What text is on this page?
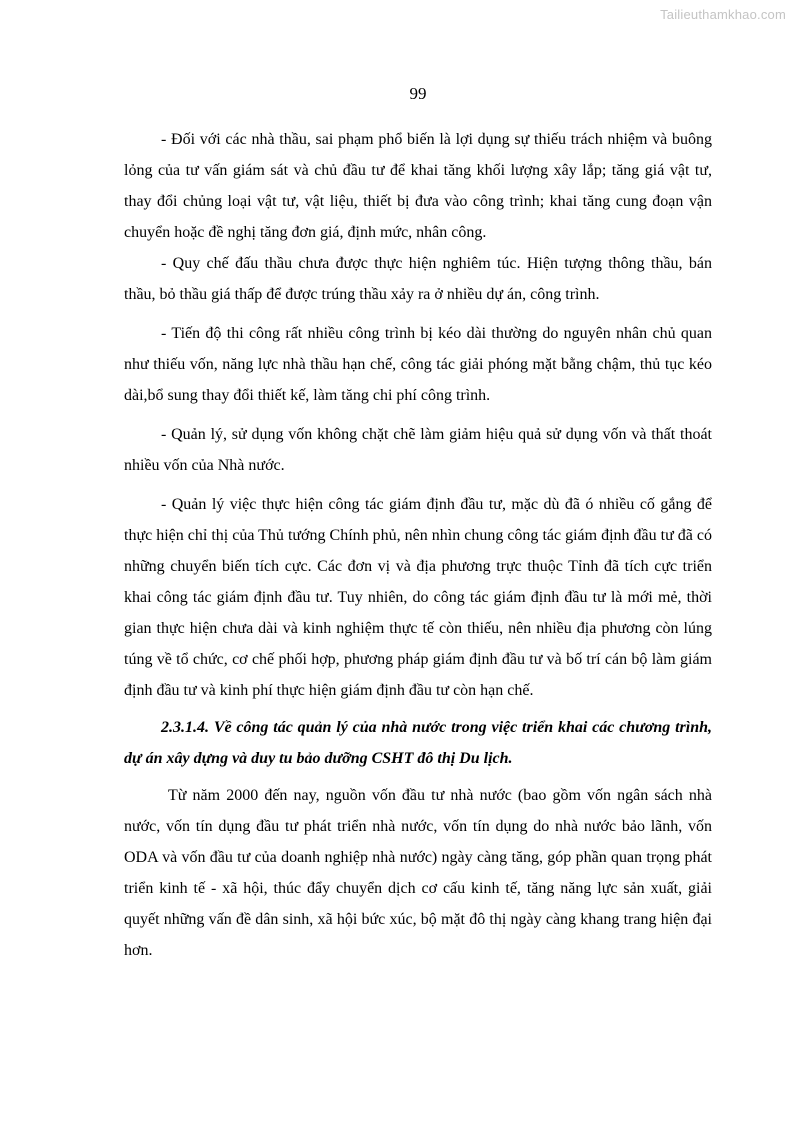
Tailieuthamkhao.com
99

- Đối với các nhà thầu, sai phạm phổ biến là lợi dụng sự thiếu trách nhiệm và buông lỏng của tư vấn giám sát và chủ đầu tư để khai tăng khối lượng xây lắp; tăng giá vật tư, thay đổi chủng loại vật tư, vật liệu, thiết bị đưa vào công trình; khai tăng cung đoạn vận chuyển hoặc đề nghị tăng đơn giá, định mức, nhân công.

- Quy chế đấu thầu chưa được thực hiện nghiêm túc. Hiện tượng thông thầu, bán thầu, bỏ thầu giá thấp để được trúng thầu xảy ra ở nhiều dự án, công trình.

- Tiến độ thi công rất nhiều công trình bị kéo dài thường do nguyên nhân chủ quan như thiếu vốn, năng lực nhà thầu hạn chế, công tác giải phóng mặt bằng chậm, thủ tục kéo dài,bổ sung thay đổi thiết kế, làm tăng chi phí công trình.

- Quản lý, sử dụng vốn không chặt chẽ làm giảm hiệu quả sử dụng vốn và thất thoát nhiều vốn của Nhà nước.

- Quản lý việc thực hiện công tác giám định đầu tư, mặc dù đã ó nhiều cố gắng để thực hiện chỉ thị của Thủ tướng Chính phủ, nên nhìn chung công tác giám định đầu tư đã có những chuyển biến tích cực. Các đơn vị và địa phương trực thuộc Tỉnh đã tích cực triển khai công tác giám định đầu tư. Tuy nhiên, do công tác giám định đầu tư là mới mẻ, thời gian thực hiện chưa dài và kinh nghiệm thực tế còn thiếu, nên nhiều địa phương còn lúng túng về tổ chức, cơ chế phối hợp, phương pháp giám định đầu tư và bố trí cán bộ làm giám định đầu tư và kinh phí thực hiện giám định đầu tư còn hạn chế.

2.3.1.4. Về công tác quản lý của nhà nước trong việc triển khai các chương trình, dự án xây dựng và duy tu bảo dưỡng CSHT đô thị Du lịch.

Từ năm 2000 đến nay, nguồn vốn đầu tư nhà nước (bao gồm vốn ngân sách nhà nước, vốn tín dụng đầu tư phát triển nhà nước, vốn tín dụng do nhà nước bảo lãnh, vốn ODA và vốn đầu tư của doanh nghiệp nhà nước) ngày càng tăng, góp phần quan trọng phát triển kinh tế - xã hội, thúc đẩy chuyển dịch cơ cấu kinh tế, tăng năng lực sản xuất, giải quyết những vấn đề dân sinh, xã hội bức xúc, bộ mặt đô thị ngày càng khang trang hiện đại hơn.
